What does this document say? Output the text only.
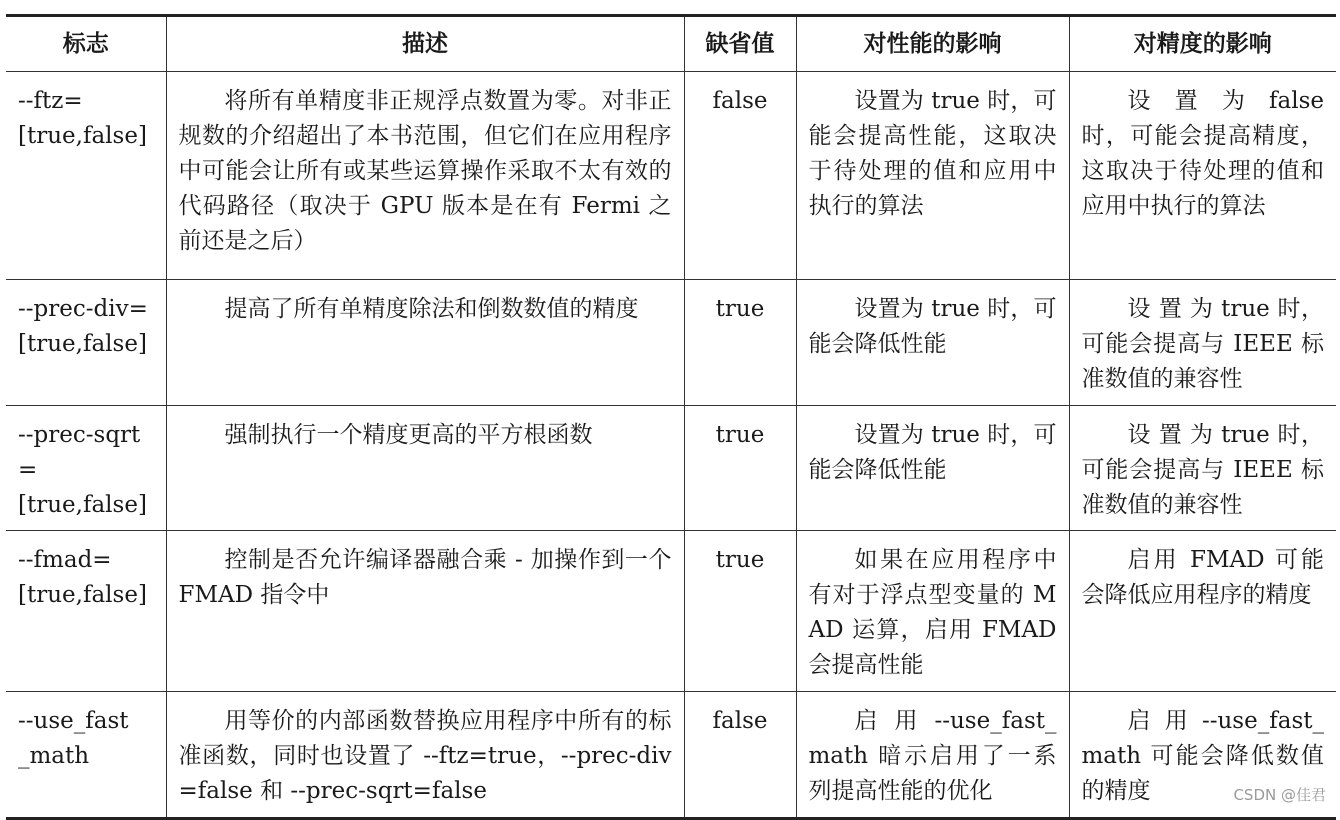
标志	描述	缺省值	对性能的影响	对精度的影响
--ftz=
[true,false]	将所有单精度非正规浮点数置为零。对非正规数的介绍超出了本书范围，但它们在应用程序中可能会让所有或某些运算操作采取不太有效的代码路径（取决于 GPU 版本是在有 Fermi 之前还是之后）	false	设置为 true 时，可能会提高性能，这取决于待处理的值和应用中执行的算法	设 置 为 false 时，可能会提高精度，这取决于待处理的值和应用中执行的算法

--prec-div=
[true,false]	提高了所有单精度除法和倒数数值的精度	true	设置为 true 时，可能会降低性能	设 置 为 true 时，可能会提高与 IEEE 标准数值的兼容性

--prec-sqrt=
[true,false]	强制执行一个精度更高的平方根函数	true	设置为 true 时，可能会降低性能	设 置 为 true 时，可能会提高与 IEEE 标准数值的兼容性

--fmad=
[true,false]	控制是否允许编译器融合乘 - 加操作到一个 FMAD 指令中	true	如果在应用程序中有对于浮点型变量的 MAD 运算，启用 FMAD 会提高性能	启用 FMAD 可能会降低应用程序的精度

--use_fast
_math	用等价的内部函数替换应用程序中所有的标准函数，同时也设置了 --ftz=true，--prec-div=false 和 --prec-sqrt=false	false	启 用 --use_fast_math 暗示启用了一系列提高性能的优化	启 用 --use_fast_math 可能会降低数值的精度	CSDN @佳君
